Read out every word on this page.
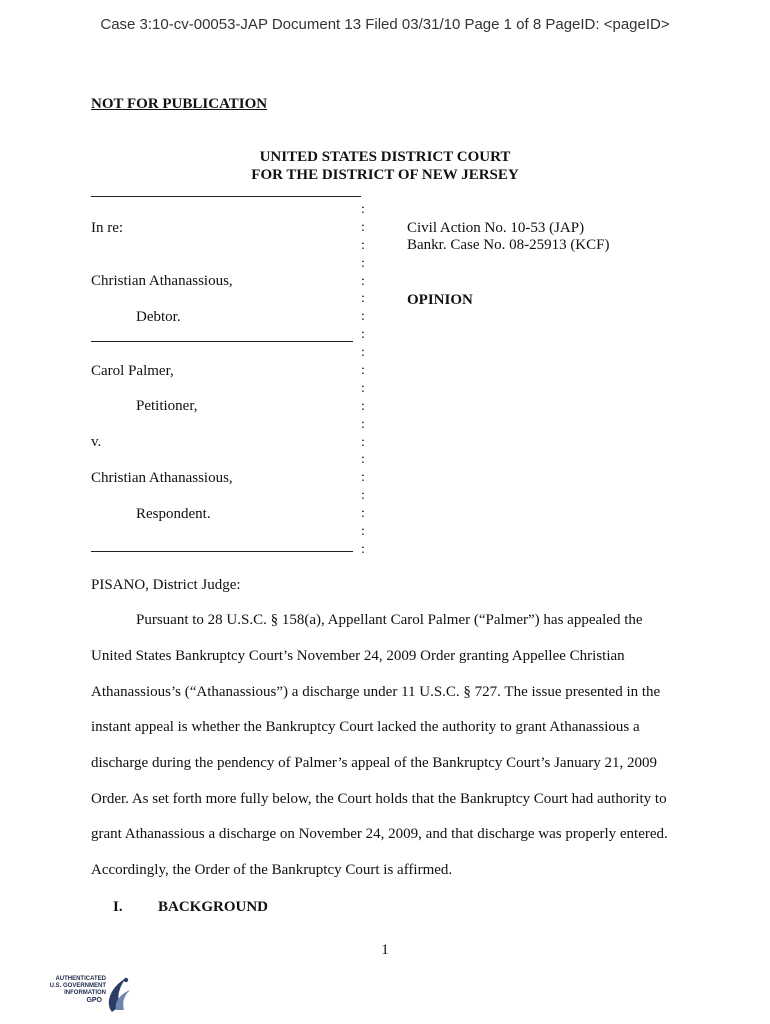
Case 3:10-cv-00053-JAP Document 13 Filed 03/31/10 Page 1 of 8 PageID: <pageID>
NOT FOR PUBLICATION
UNITED STATES DISTRICT COURT
FOR THE DISTRICT OF NEW JERSEY
:
:
:
:
:
:
:
:
:
:
:
:
:
:
:
:
:
:
:
:
In re:
Christian Athanassious,
Debtor.
Carol Palmer,
Petitioner,
v.
Christian Athanassious,
Respondent.
Civil Action No. 10-53 (JAP)
Bankr. Case No. 08-25913 (KCF)
OPINION
PISANO, District Judge:
Pursuant to 28 U.S.C. § 158(a), Appellant Carol Palmer (“Palmer”) has appealed the
United States Bankruptcy Court’s November 24, 2009 Order granting Appellee Christian
Athanassious’s (“Athanassious”) a discharge under 11 U.S.C. § 727. The issue presented in the
instant appeal is whether the Bankruptcy Court lacked the authority to grant Athanassious a
discharge during the pendency of Palmer’s appeal of the Bankruptcy Court’s January 21, 2009
Order. As set forth more fully below, the Court holds that the Bankruptcy Court had authority to
grant Athanassious a discharge on November 24, 2009, and that discharge was properly entered.
Accordingly, the Order of the Bankruptcy Court is affirmed.
I. BACKGROUND
1
AUTHENTICATED
U.S. GOVERNMENT
INFORMATION
GPO
